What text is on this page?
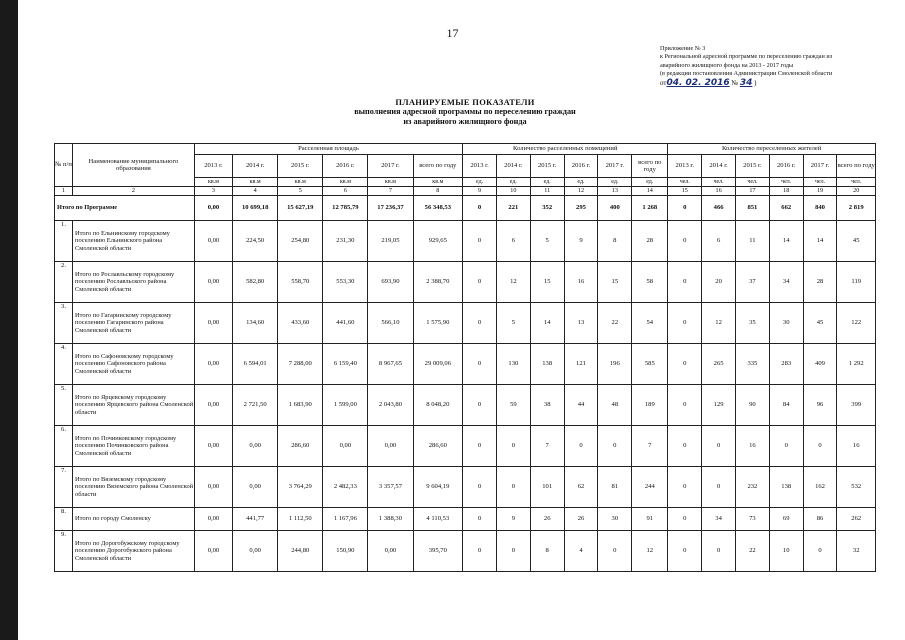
17
Приложение № 3
к Региональной адресной программе по переселению граждан из
аварийного жилищного фонда на 2013 - 2017 годы
(в редакции постановления Администрации Смоленской области
от04. 02. 2016 № 34 )
ПЛАНИРУЕМЫЕ ПОКАЗАТЕЛИ
выполнения адресной программы по переселению граждан
из аварийного жилищного фонда
№ п/п	Наименование муниципального образования	Расселенная площадь						Количество расселенных помещений						Количество переселенных жителей					
		2013 г.	2014 г.	2015 г.	2016 г.	2017 г.	всего по году	2013 г.	2014 г.	2015 г.	2016 г.	2017 г.	всего по году	2013 г.	2014 г.	2015 г.	2016 г.	2017 г.	всего по году
		кв.м	кв.м	кв.м	кв.м	кв.м	кв.м	ед.	ед.	ед.	ед.	ед.	ед.	чел.	чел.	чел.	чел.	чел.	чел.
1	2	3	4	5	6	7	8	9	10	11	12	13	14	15	16	17	18	19	20
Итого по Программе		0,00	10 699,18	15 627,19	12 785,79	17 236,37	56 348,53	0	221	352	295	400	1 268	0	466	851	662	840	2 819
1.	Итого по Ельнинскому городскому поселению Ельнинского района Смоленской области	0,00	224,50	254,80	231,30	219,05	929,65	0	6	5	9	8	28	0	6	11	14	14	45
2.	Итого по Рославльскому городскому поселению Рославльского района Смоленской области	0,00	582,80	558,70	553,30	693,90	2 388,70	0	12	15	16	15	58	0	20	37	34	28	119
3.	Итого по Гагаринскому городскому поселению Гагаринского района Смоленской области	0,00	134,60	433,60	441,60	566,10	1 575,90	0	5	14	13	22	54	0	12	35	30	45	122
4.	Итого по Сафоновскому городскому поселению Сафоновского района Смоленской области	0,00	6 594,01	7 288,00	6 159,40	8 967,65	29 009,06	0	130	138	121	196	585	0	265	335	283	409	1 292
5.	Итого по Ярцевскому городскому поселению Ярцевского района Смоленской области	0,00	2 721,50	1 683,90	1 599,00	2 043,80	8 048,20	0	59	38	44	48	189	0	129	90	84	96	399
6.	Итого по Починковскому городскому поселению Починковского района Смоленской области	0,00	0,00	286,60	0,00	0,00	286,60	0	0	7	0	0	7	0	0	16	0	0	16
7.	Итого по Вяземскому городскому поселению Вяземского района Смоленской области	0,00	0,00	3 764,29	2 482,33	3 357,57	9 604,19	0	0	101	62	81	244	0	0	232	138	162	532
8.	Итого по городу Смоленску	0,00	441,77	1 112,50	1 167,96	1 388,30	4 110,53	0	9	26	26	30	91	0	34	73	69	86	262
9.	Итого по Дорогобужскому городскому поселению Дорогобужского района Смоленской области	0,00	0,00	244,80	150,90	0,00	395,70	0	0	8	4	0	12	0	0	22	10	0	32
